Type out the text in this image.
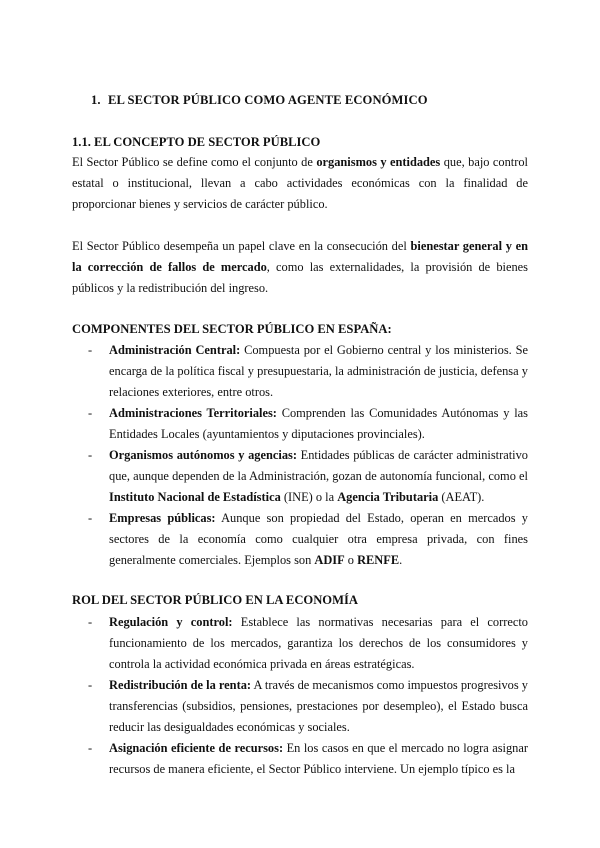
1. EL SECTOR PÚBLICO COMO AGENTE ECONÓMICO
1.1. EL CONCEPTO DE SECTOR PÚBLICO

El Sector Público se define como el conjunto de organismos y entidades que, bajo control estatal o institucional, llevan a cabo actividades económicas con la finalidad de proporcionar bienes y servicios de carácter público.

El Sector Público desempeña un papel clave en la consecución del bienestar general y en la corrección de fallos de mercado, como las externalidades, la provisión de bienes públicos y la redistribución del ingreso.

COMPONENTES DEL SECTOR PÚBLICO EN ESPAÑA:
- Administración Central: Compuesta por el Gobierno central y los ministerios. Se encarga de la política fiscal y presupuestaria, la administración de justicia, defensa y relaciones exteriores, entre otros.
- Administraciones Territoriales: Comprenden las Comunidades Autónomas y las Entidades Locales (ayuntamientos y diputaciones provinciales).
- Organismos autónomos y agencias: Entidades públicas de carácter administrativo que, aunque dependen de la Administración, gozan de autonomía funcional, como el Instituto Nacional de Estadística (INE) o la Agencia Tributaria (AEAT).
- Empresas públicas: Aunque son propiedad del Estado, operan en mercados y sectores de la economía como cualquier otra empresa privada, con fines generalmente comerciales. Ejemplos son ADIF o RENFE.
ROL DEL SECTOR PÚBLICO EN LA ECONOMÍA
- Regulación y control: Establece las normativas necesarias para el correcto funcionamiento de los mercados, garantiza los derechos de los consumidores y controla la actividad económica privada en áreas estratégicas.
- Redistribución de la renta: A través de mecanismos como impuestos progresivos y transferencias (subsidios, pensiones, prestaciones por desempleo), el Estado busca reducir las desigualdades económicas y sociales.
- Asignación eficiente de recursos: En los casos en que el mercado no logra asignar recursos de manera eficiente, el Sector Público interviene. Un ejemplo típico es la
